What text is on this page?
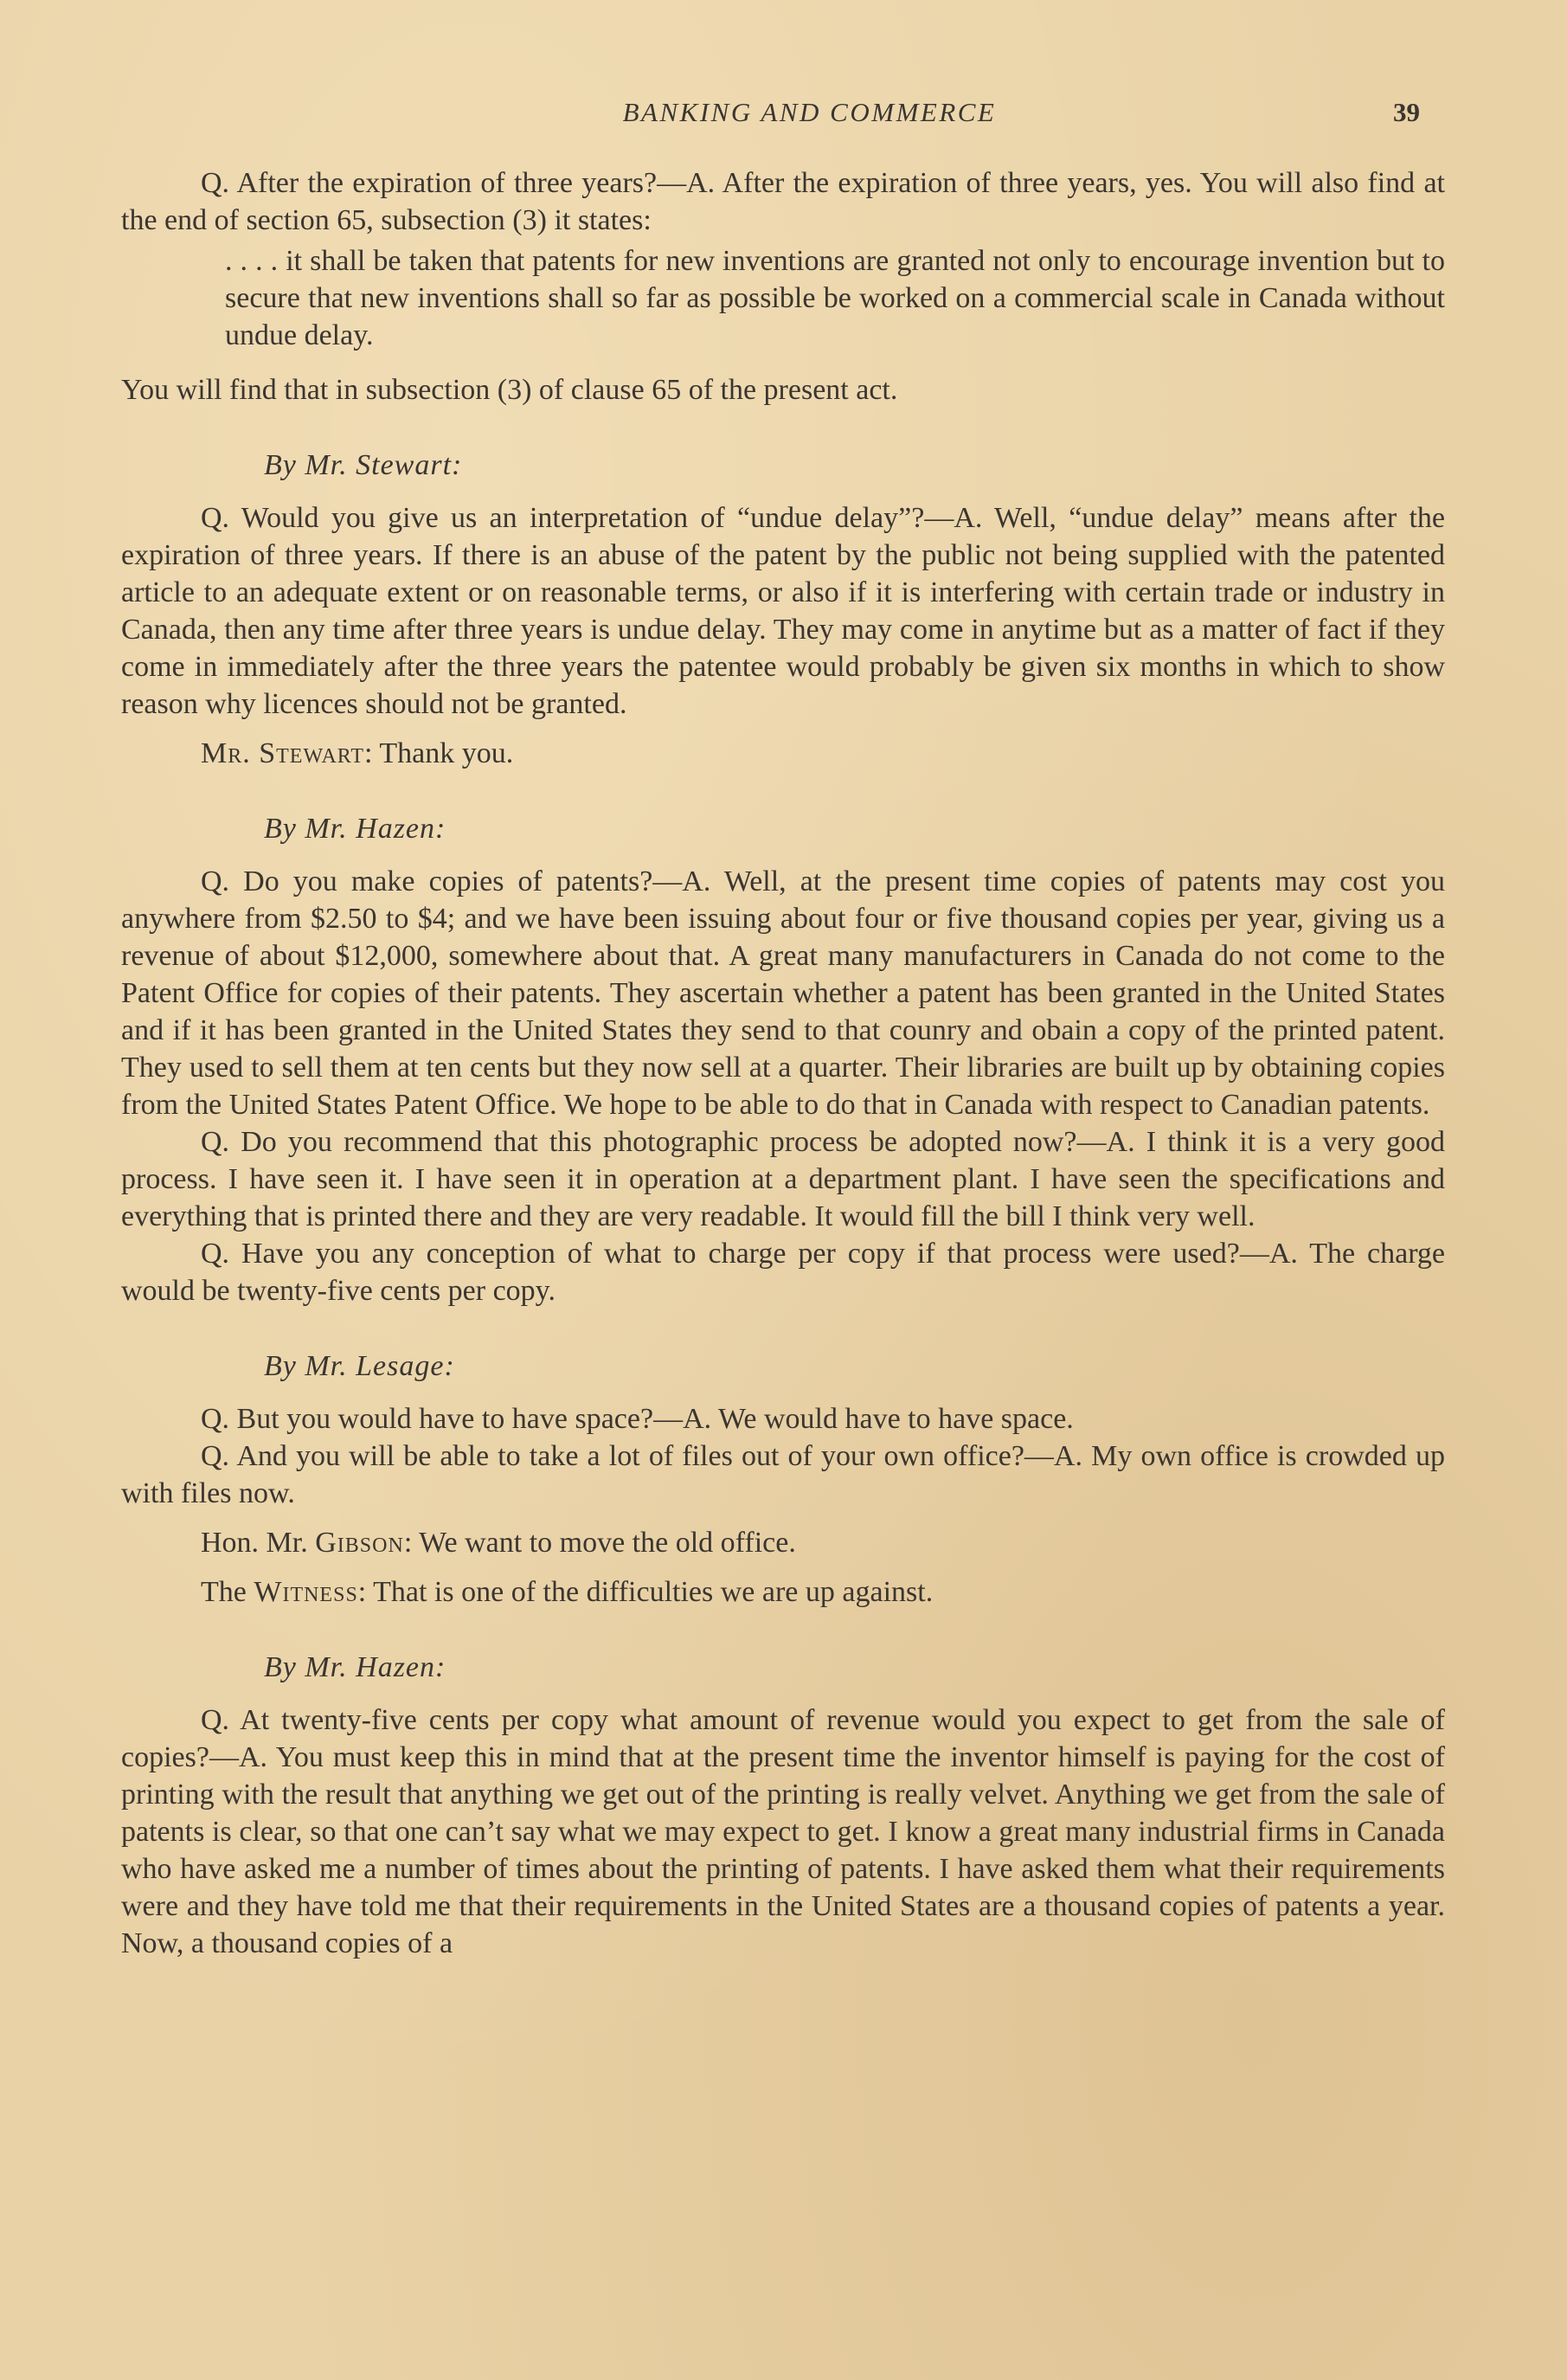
BANKING AND COMMERCE	39

Q. After the expiration of three years?—A. After the expiration of three years, yes. You will also find at the end of section 65, subsection (3) it states:

. . . . it shall be taken that patents for new inventions are granted not only to encourage invention but to secure that new inventions shall so far as possible be worked on a commercial scale in Canada without undue delay.

You will find that in subsection (3) of clause 65 of the present act.

By Mr. Stewart:

Q. Would you give us an interpretation of “undue delay”?—A. Well, “undue delay” means after the expiration of three years. If there is an abuse of the patent by the public not being supplied with the patented article to an adequate extent or on reasonable terms, or also if it is interfering with certain trade or industry in Canada, then any time after three years is undue delay. They may come in anytime but as a matter of fact if they come in immediately after the three years the patentee would probably be given six months in which to show reason why licences should not be granted.

Mr. Stewart: Thank you.

By Mr. Hazen:

Q. Do you make copies of patents?—A. Well, at the present time copies of patents may cost you anywhere from $2.50 to $4; and we have been issuing about four or five thousand copies per year, giving us a revenue of about $12,000, somewhere about that. A great many manufacturers in Canada do not come to the Patent Office for copies of their patents. They ascertain whether a patent has been granted in the United States and if it has been granted in the United States they send to that counry and obain a copy of the printed patent. They used to sell them at ten cents but they now sell at a quarter. Their libraries are built up by obtaining copies from the United States Patent Office. We hope to be able to do that in Canada with respect to Canadian patents.

Q. Do you recommend that this photographic process be adopted now?—A. I think it is a very good process. I have seen it. I have seen it in operation at a department plant. I have seen the specifications and everything that is printed there and they are very readable. It would fill the bill I think very well.

Q. Have you any conception of what to charge per copy if that process were used?—A. The charge would be twenty-five cents per copy.

By Mr. Lesage:

Q. But you would have to have space?—A. We would have to have space.

Q. And you will be able to take a lot of files out of your own office?—A. My own office is crowded up with files now.

Hon. Mr. Gibson: We want to move the old office.

The Witness: That is one of the difficulties we are up against.

By Mr. Hazen:

Q. At twenty-five cents per copy what amount of revenue would you expect to get from the sale of copies?—A. You must keep this in mind that at the present time the inventor himself is paying for the cost of printing with the result that anything we get out of the printing is really velvet. Anything we get from the sale of patents is clear, so that one can’t say what we may expect to get. I know a great many industrial firms in Canada who have asked me a number of times about the printing of patents. I have asked them what their requirements were and they have told me that their requirements in the United States are a thousand copies of patents a year. Now, a thousand copies of a
